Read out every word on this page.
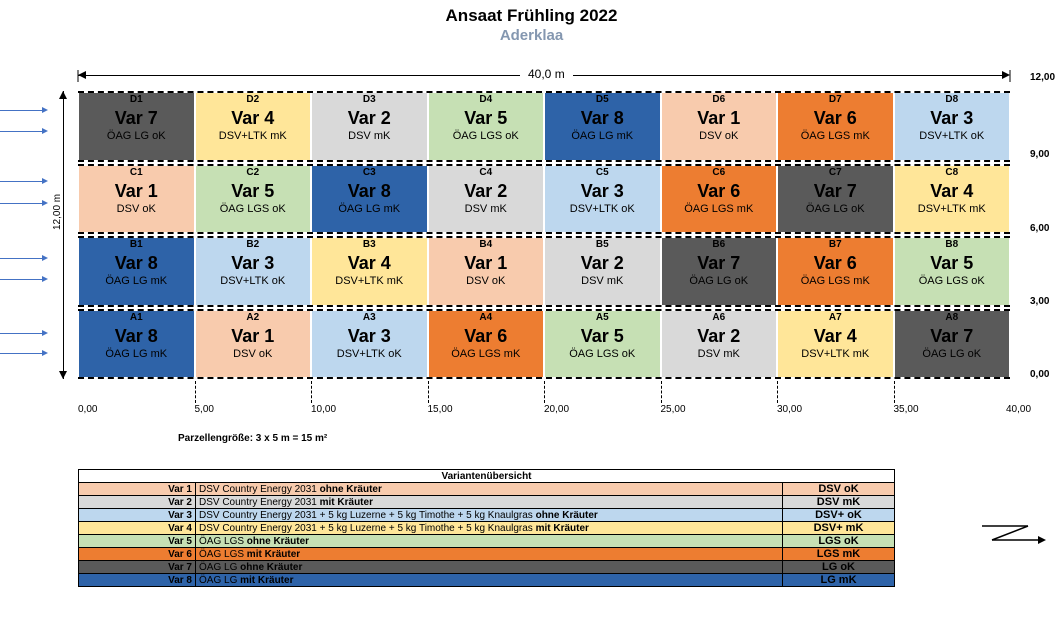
Ansaat Frühling 2022
Aderklaa
40,0 m
12,00 m
D1
Var 7
ÖAG LG oK
D2
Var 4
DSV+LTK mK
D3
Var 2
DSV mK
D4
Var 5
ÖAG LGS oK
D5
Var 8
ÖAG LG mK
D6
Var 1
DSV oK
D7
Var 6
ÖAG LGS mK
D8
Var 3
DSV+LTK oK
C1
Var 1
DSV oK
C2
Var 5
ÖAG LGS oK
C3
Var 8
ÖAG LG mK
C4
Var 2
DSV mK
C5
Var 3
DSV+LTK oK
C6
Var 6
ÖAG LGS mK
C7
Var 7
ÖAG LG oK
C8
Var 4
DSV+LTK mK
B1
Var 8
ÖAG LG mK
B2
Var 3
DSV+LTK oK
B3
Var 4
DSV+LTK mK
B4
Var 1
DSV oK
B5
Var 2
DSV mK
B6
Var 7
ÖAG LG oK
B7
Var 6
ÖAG LGS mK
B8
Var 5
ÖAG LGS oK
A1
Var 8
ÖAG LG mK
A2
Var 1
DSV oK
A3
Var 3
DSV+LTK oK
A4
Var 6
ÖAG LGS mK
A5
Var 5
ÖAG LGS oK
A6
Var 2
DSV mK
A7
Var 4
DSV+LTK mK
A8
Var 7
ÖAG LG oK
12,00
9,00
6,00
3,00
0,00
0,00	5,00	10,00	15,00	20,00	25,00	30,00	35,00	40,00
Parzellengröße: 3 x 5 m = 15 m²
Variantenübersicht		
Var 1	DSV Country Energy 2031 ohne Kräuter	DSV oK
Var 2	DSV Country Energy 2031 mit Kräuter	DSV mK
Var 3	DSV Country Energy 2031 + 5 kg Luzerne + 5 kg Timothe + 5 kg Knaulgras ohne Kräuter	DSV+ oK
Var 4	DSV Country Energy 2031 + 5 kg Luzerne + 5 kg Timothe + 5 kg Knaulgras mit Kräuter	DSV+ mK
Var 5	ÖAG LGS ohne Kräuter	LGS oK
Var 6	ÖAG LGS mit Kräuter	LGS mK
Var 7	ÖAG LG ohne Kräuter	LG oK
Var 8	ÖAG LG mit Kräuter	LG mK
